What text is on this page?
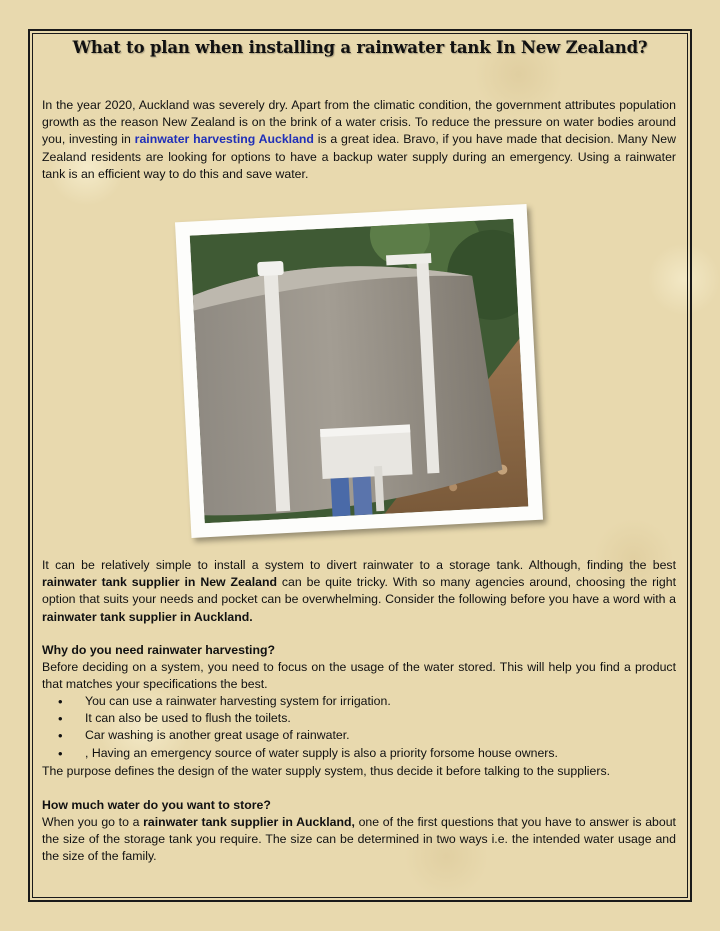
What to plan when installing a rainwater tank In New Zealand?

In the year 2020, Auckland was severely dry. Apart from the climatic condition, the government attributes population growth as the reason New Zealand is on the brink of a water crisis. To reduce the pressure on water bodies around you, investing in rainwater harvesting Auckland is a great idea. Bravo, if you have made that decision. Many New Zealand residents are looking for options to have a backup water supply during an emergency. Using a rainwater tank is an efficient way to do this and save water.

It can be relatively simple to install a system to divert rainwater to a storage tank. Although, finding the best rainwater tank supplier in New Zealand can be quite tricky. With so many agencies around, choosing the right option that suits your needs and pocket can be overwhelming. Consider the following before you have a word with a rainwater tank supplier in Auckland.

Why do you need rainwater harvesting?

Before deciding on a system, you need to focus on the usage of the water stored. This will help you find a product that matches your specifications the best.

• You can use a rainwater harvesting system for irrigation.
• It can also be used to flush the toilets.
• Car washing is another great usage of rainwater.
• , Having an emergency source of water supply is also a priority forsome house owners.

The purpose defines the design of the water supply system, thus decide it before talking to the suppliers.

How much water do you want to store?

When you go to a rainwater tank supplier in Auckland, one of the first questions that you have to answer is about the size of the storage tank you require. The size can be determined in two ways i.e. the intended water usage and the size of the family.
